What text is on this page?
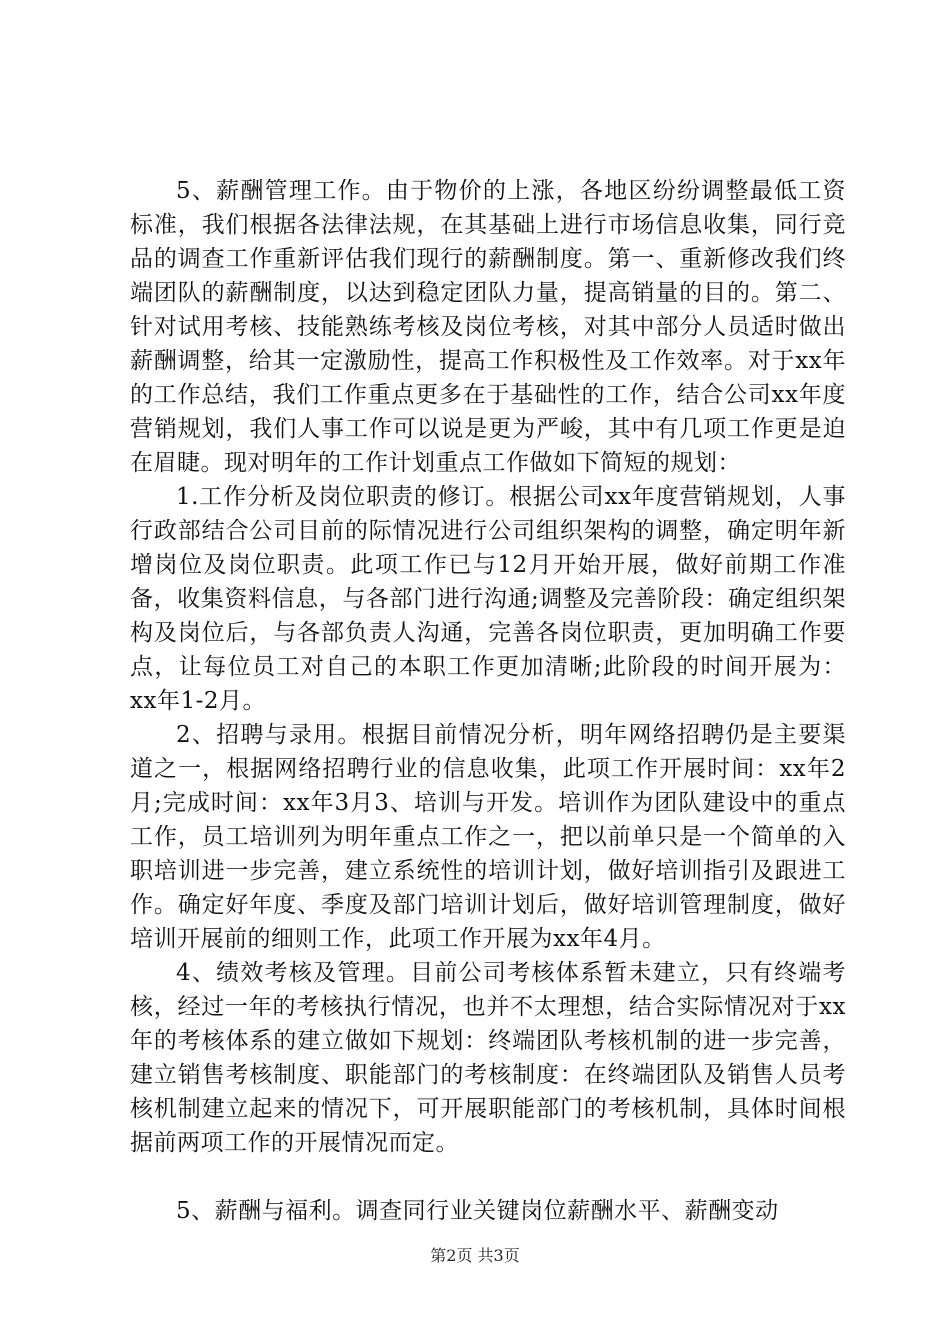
5、薪酬管理工作。由于物价的上涨，各地区纷纷调整最低工资标准，我们根据各法律法规，在其基础上进行市场信息收集，同行竞品的调查工作重新评估我们现行的薪酬制度。第一、重新修改我们终端团队的薪酬制度，以达到稳定团队力量，提高销量的目的。第二、针对试用考核、技能熟练考核及岗位考核，对其中部分人员适时做出薪酬调整，给其一定激励性，提高工作积极性及工作效率。对于xx年的工作总结，我们工作重点更多在于基础性的工作，结合公司xx年度营销规划，我们人事工作可以说是更为严峻，其中有几项工作更是迫在眉睫。现对明年的工作计划重点工作做如下简短的规划：

1.工作分析及岗位职责的修订。根据公司xx年度营销规划，人事行政部结合公司目前的际情况进行公司组织架构的调整，确定明年新增岗位及岗位职责。此项工作已与12月开始开展，做好前期工作准备，收集资料信息，与各部门进行沟通;调整及完善阶段：确定组织架构及岗位后，与各部负责人沟通，完善各岗位职责，更加明确工作要点，让每位员工对自己的本职工作更加清晰;此阶段的时间开展为：xx年1-2月。

2、招聘与录用。根据目前情况分析，明年网络招聘仍是主要渠道之一，根据网络招聘行业的信息收集，此项工作开展时间：xx年2月;完成时间：xx年3月3、培训与开发。培训作为团队建设中的重点工作，员工培训列为明年重点工作之一，把以前单只是一个简单的入职培训进一步完善，建立系统性的培训计划，做好培训指引及跟进工作。确定好年度、季度及部门培训计划后，做好培训管理制度，做好培训开展前的细则工作，此项工作开展为xx年4月。

4、绩效考核及管理。目前公司考核体系暂未建立，只有终端考核，经过一年的考核执行情况，也并不太理想，结合实际情况对于xx年的考核体系的建立做如下规划：终端团队考核机制的进一步完善，建立销售考核制度、职能部门的考核制度：在终端团队及销售人员考核机制建立起来的情况下，可开展职能部门的考核机制，具体时间根据前两项工作的开展情况而定。

5、薪酬与福利。调查同行业关键岗位薪酬水平、薪酬变动

第2页 共3页
